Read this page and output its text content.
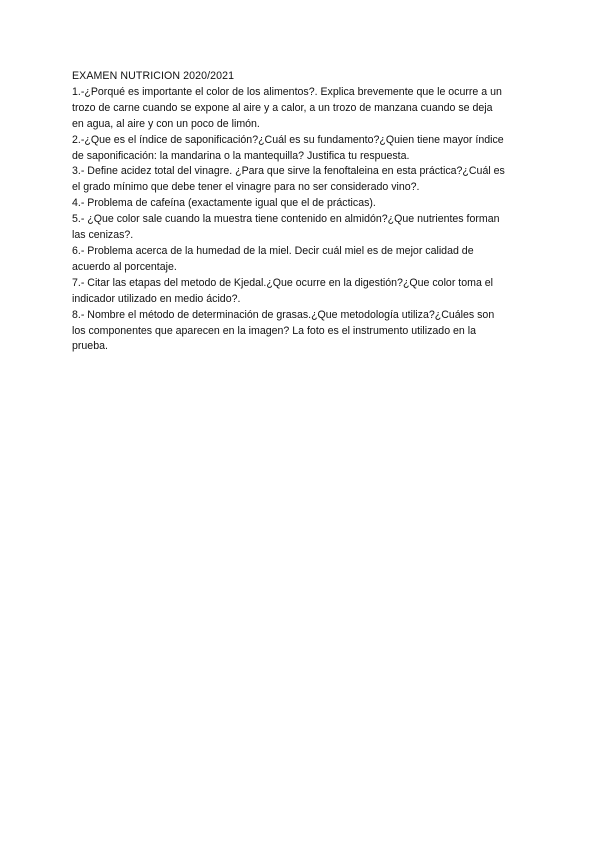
EXAMEN NUTRICION 2020/2021
1.-¿Porqué es importante el color de los alimentos?. Explica brevemente que le ocurre a un
trozo de carne cuando se expone al aire y a calor, a un trozo de manzana cuando se deja
en agua, al aire y con un poco de limón.
2.-¿Que es el índice de saponificación?¿Cuál es su fundamento?¿Quien tiene mayor índice
de saponificación: la mandarina o la mantequilla? Justifica tu respuesta.
3.- Define acidez total del vinagre. ¿Para que sirve la fenoftaleina en esta práctica?¿Cuál es
el grado mínimo que debe tener el vinagre para no ser considerado vino?.
4.- Problema de cafeína (exactamente igual que el de prácticas).
5.- ¿Que color sale cuando la muestra tiene contenido en almidón?¿Que nutrientes forman
las cenizas?.
6.- Problema acerca de la humedad de la miel. Decir cuál miel es de mejor calidad de
acuerdo al porcentaje.
7.- Citar las etapas del metodo de Kjedal.¿Que ocurre en la digestión?¿Que color toma el
indicador utilizado en medio ácido?.
8.- Nombre el método de determinación de grasas.¿Que metodología utiliza?¿Cuáles son
los componentes que aparecen en la imagen? La foto es el instrumento utilizado en la
prueba.
